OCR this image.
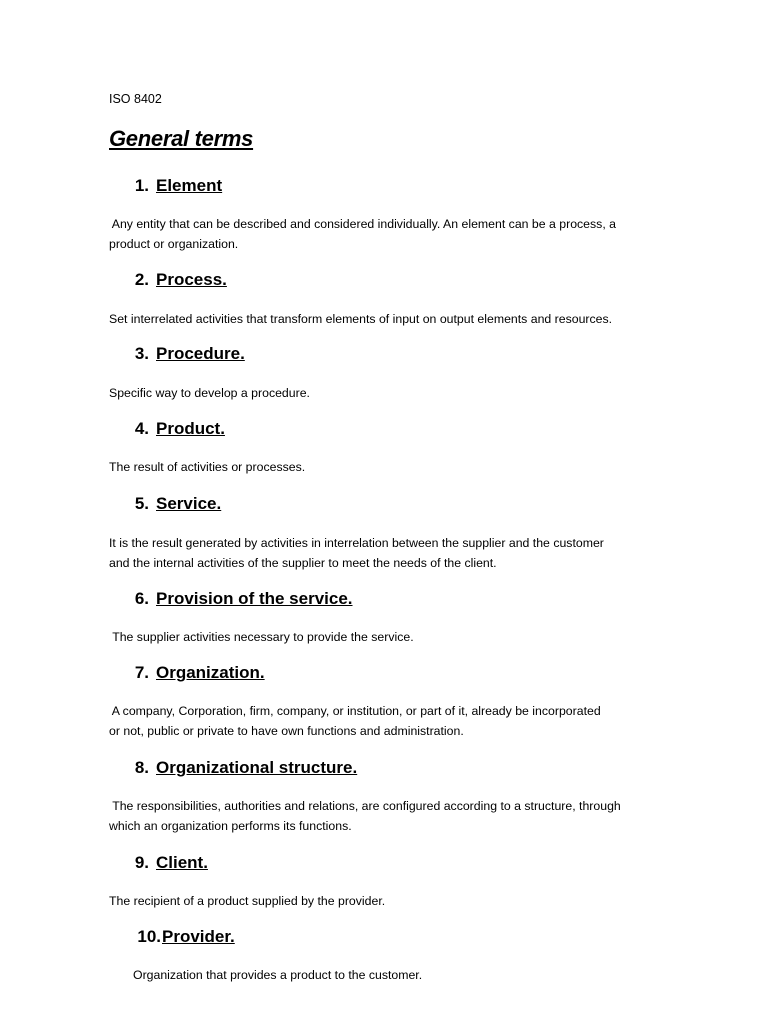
ISO 8402
General terms
1. Element
Any entity that can be described and considered individually. An element can be a process, a
product or organization.
2. Process.
Set interrelated activities that transform elements of input on output elements and resources.
3. Procedure.
Specific way to develop a procedure.
4. Product.
The result of activities or processes.
5. Service.
It is the result generated by activities in interrelation between the supplier and the customer
and the internal activities of the supplier to meet the needs of the client.
6. Provision of the service.
The supplier activities necessary to provide the service.
7. Organization.
A company, Corporation, firm, company, or institution, or part of it, already be incorporated
or not, public or private to have own functions and administration.
8. Organizational structure.
The responsibilities, authorities and relations, are configured according to a structure, through
which an organization performs its functions.
9. Client.
The recipient of a product supplied by the provider.
10. Provider.
Organization that provides a product to the customer.
